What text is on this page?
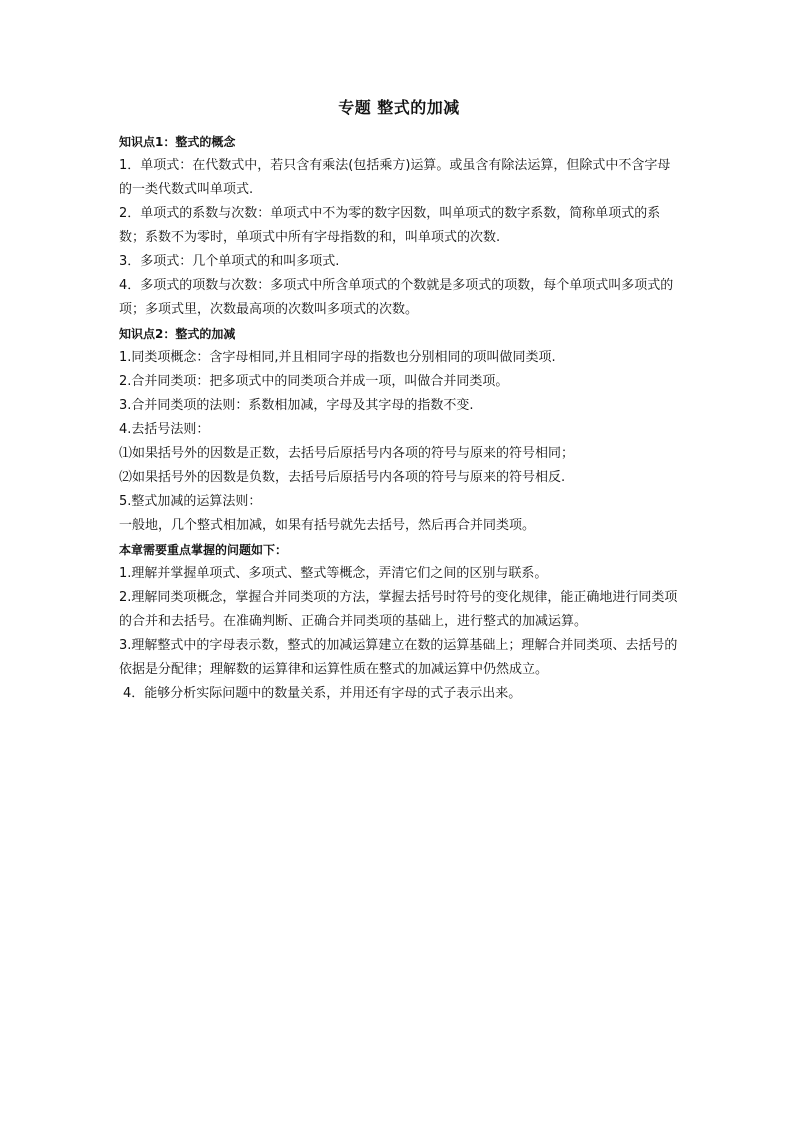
专题 整式的加减
知识点1：整式的概念
1．单项式：在代数式中，若只含有乘法(包括乘方)运算。或虽含有除法运算，但除式中不含字母的一类代数式叫单项式.
2．单项式的系数与次数：单项式中不为零的数字因数，叫单项式的数字系数，简称单项式的系数；系数不为零时，单项式中所有字母指数的和，叫单项式的次数.
3．多项式：几个单项式的和叫多项式.
4．多项式的项数与次数：多项式中所含单项式的个数就是多项式的项数，每个单项式叫多项式的项；多项式里，次数最高项的次数叫多项式的次数。
知识点2：整式的加减
1.同类项概念：含字母相同,并且相同字母的指数也分别相同的项叫做同类项.
2.合并同类项：把多项式中的同类项合并成一项，叫做合并同类项。
3.合并同类项的法则：系数相加减，字母及其字母的指数不变.
4.去括号法则：
⑴如果括号外的因数是正数，去括号后原括号内各项的符号与原来的符号相同；
⑵如果括号外的因数是负数，去括号后原括号内各项的符号与原来的符号相反.
5.整式加减的运算法则：
一般地，几个整式相加减，如果有括号就先去括号，然后再合并同类项。
本章需要重点掌握的问题如下：
1.理解并掌握单项式、多项式、整式等概念，弄清它们之间的区别与联系。
2.理解同类项概念，掌握合并同类项的方法，掌握去括号时符号的变化规律，能正确地进行同类项的合并和去括号。在准确判断、正确合并同类项的基础上，进行整式的加减运算。
3.理解整式中的字母表示数，整式的加减运算建立在数的运算基础上；理解合并同类项、去括号的依据是分配律；理解数的运算律和运算性质在整式的加减运算中仍然成立。
4．能够分析实际问题中的数量关系，并用还有字母的式子表示出来。
